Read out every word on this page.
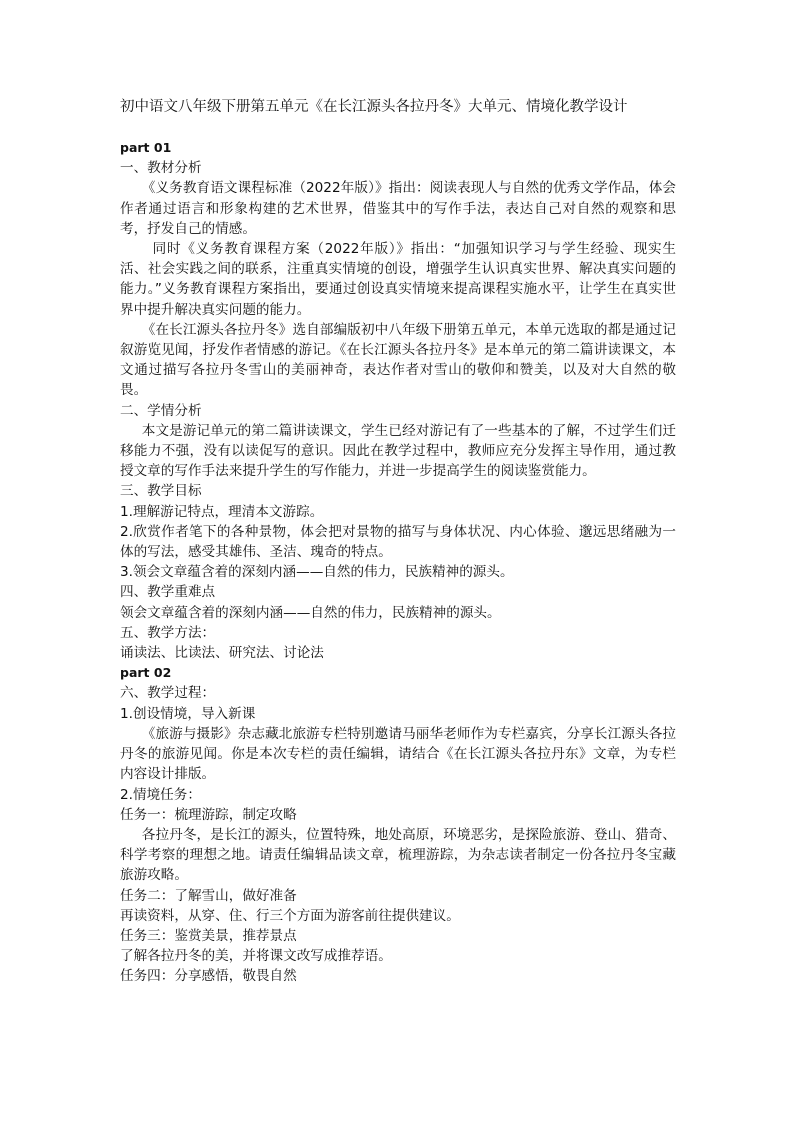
初中语文八年级下册第五单元《在长江源头各拉丹冬》大单元、情境化教学设计

part 01

一、教材分析

《义务教育语文课程标准（2022年版）》指出：阅读表现人与自然的优秀文学作品，体会作者通过语言和形象构建的艺术世界，借鉴其中的写作手法，表达自己对自然的观察和思考，抒发自己的情感。

同时《义务教育课程方案（2022年版）》指出：“加强知识学习与学生经验、现实生活、社会实践之间的联系，注重真实情境的创设，增强学生认识真实世界、解决真实问题的能力。”义务教育课程方案指出，要通过创设真实情境来提高课程实施水平，让学生在真实世界中提升解决真实问题的能力。

《在长江源头各拉丹冬》选自部编版初中八年级下册第五单元，本单元选取的都是通过记叙游览见闻，抒发作者情感的游记。《在长江源头各拉丹冬》是本单元的第二篇讲读课文，本文通过描写各拉丹冬雪山的美丽神奇，表达作者对雪山的敬仰和赞美，以及对大自然的敬畏。

二、学情分析

本文是游记单元的第二篇讲读课文，学生已经对游记有了一些基本的了解，不过学生们迁移能力不强，没有以读促写的意识。因此在教学过程中，教师应充分发挥主导作用，通过教授文章的写作手法来提升学生的写作能力，并进一步提高学生的阅读鉴赏能力。

三、教学目标

1.理解游记特点，理清本文游踪。

2.欣赏作者笔下的各种景物，体会把对景物的描写与身体状况、内心体验、邈远思绪融为一体的写法，感受其雄伟、圣洁、瑰奇的特点。

3.领会文章蕴含着的深刻内涵——自然的伟力，民族精神的源头。

四、教学重难点

领会文章蕴含着的深刻内涵——自然的伟力，民族精神的源头。

五、教学方法：

诵读法、比读法、研究法、讨论法

part 02

六、教学过程：

1.创设情境，导入新课

《旅游与摄影》杂志藏北旅游专栏特别邀请马丽华老师作为专栏嘉宾，分享长江源头各拉丹冬的旅游见闻。你是本次专栏的责任编辑，请结合《在长江源头各拉丹东》文章，为专栏内容设计排版。

2.情境任务：

任务一：梳理游踪，制定攻略

各拉丹冬，是长江的源头，位置特殊，地处高原，环境恶劣，是探险旅游、登山、猎奇、科学考察的理想之地。请责任编辑品读文章，梳理游踪，为杂志读者制定一份各拉丹冬宝藏旅游攻略。

任务二：了解雪山，做好准备

再读资料，从穿、住、行三个方面为游客前往提供建议。

任务三：鉴赏美景，推荐景点

了解各拉丹冬的美，并将课文改写成推荐语。

任务四：分享感悟，敬畏自然
